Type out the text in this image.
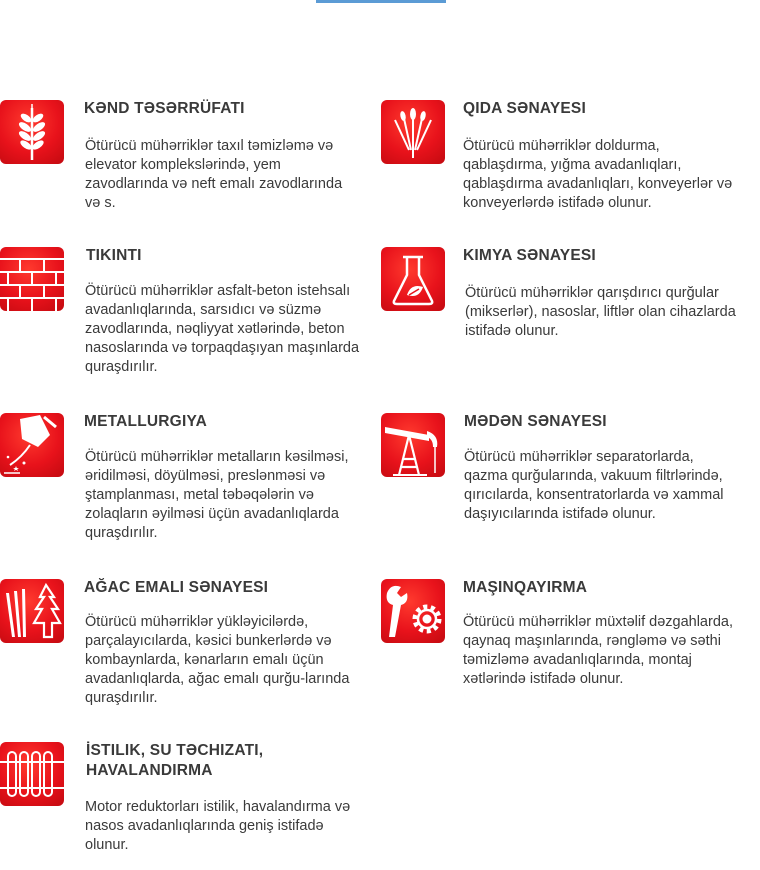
KƏND TƏSƏRRÜFATI
Ötürücü mühərriklər taxıl təmizləmə və elevator komplekslərində, yem zavodlarında və neft emalı zavodlarında və s.
QIDA SƏNAYESI
Ötürücü mühərriklər doldurma, qablaşdırma, yığma avadanlıqları, qablaşdırma avadanlıqları, konveyerlər və konveyerlərdə istifadə olunur.
TIKINTI
Ötürücü mühərriklər asfalt-beton istehsalı avadanlıqlarında, sarsıdıcı və süzmə zavodlarında, nəqliyyat xətlərində, beton nasoslarında və torpaqdaşıyan maşınlarda quraşdırılır.
KIMYA SƏNAYESI
Ötürücü mühərriklər qarışdırıcı qurğular (mikserlər), nasoslar, liftlər olan cihazlarda istifadə olunur.
METALLURGIYA
Ötürücü mühərriklər metalların kəsilməsi, əridilməsi, döyülməsi, preslənməsi və ştamplanması, metal təbəqələrin və zolaqların əyilməsi üçün avadanlıqlarda quraşdırılır.
MƏDƏN SƏNAYESI
Ötürücü mühərriklər separatorlarda, qazma qurğularında, vakuum filtrlərində, qırıcılarda, konsentratorlarda və xammal daşıyıcılarında istifadə olunur.
AĞAC EMALI SƏNAYESI
Ötürücü mühərriklər yükləyicilərdə, parçalayıcılarda, kəsici bunkerlərdə və kombaynlarda, kənarların emalı üçün avadanlıqlarda, ağac emalı qurğu-larında quraşdırılır.
MAŞINQAYIRMA
Ötürücü mühərriklər müxtəlif dəzgahlarda, qaynaq maşınlarında, rəngləmə və səthi təmizləmə avadanlıqlarında, montaj xətlərində istifadə olunur.
İSTILIK, SU TƏCHIZATI, HAVALANDIRMA
Motor reduktorları istilik, havalandırma və nasos avadanlıqlarında geniş istifadə olunur.
